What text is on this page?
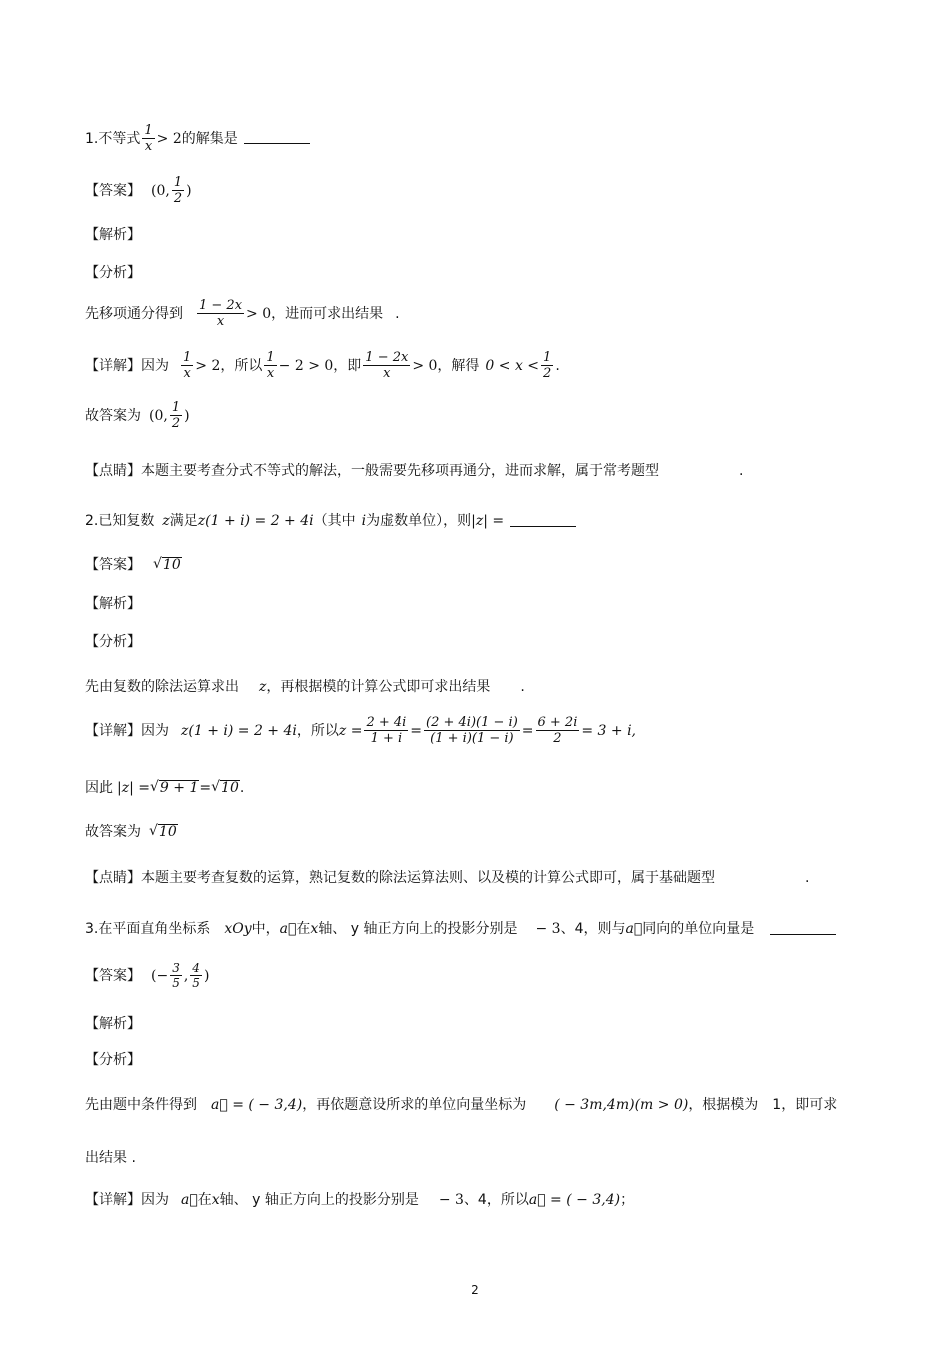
1.不等式 1
x > 2 的解集是
【答案】 (0, 1
2 )
【解析】
【分析】
先移项通分得到 1 − 2x
x > 0 ，进而可求出结果 .
【详解】因为 1
x > 2 ，所以 1
x − 2 > 0 ，即 1 − 2x
x > 0 ，解得 0 < x < 1
2 .
故答案为 (0, 1
2 )
【点睛】本题主要考查分式不等式的解法，一般需要先移项再通分，进而求解，属于常考题型	.
2.已知复数 z 满足 z(1 + i) = 2 + 4i （其中 i 为虚数单位），则 |z| =
【答案】 √ 10
【解析】
【分析】
先由复数的除法运算求出 z ，再根据模的计算公式即可求出结果 .
【详解】因为 z(1 + i) = 2 + 4i ，所以 $z = \frac{2 + 4i}{1 + i} = \frac{(2 + 4i)(1 - i)}{(1 + i)(1 - i)} = \frac{6 + 2i}{2} = 3 + i$,
因此 |z| = √ 9 + 1 = √ 10 .
故答案为 √ 10
【点睛】本题主要考查复数的运算，熟记复数的除法运算法则、以及模的计算公式即可，属于基础题型	.
3.在平面直角坐标系 xOy 中， a⃗ 在 x 轴、 y 轴正方向上的投影分别是 − 3 、4，则与 a⃗ 同向的单位向量是
【答案】 (− $\frac{3}{5}$ , 4
5 )
【解析】
【分析】
先由题中条件得到 a⃗ = ( − 3,4) ，再依题意设所求的单位向量坐标为 ( − 3m,4m)(m > 0) ，根据模为　1，即可求
出结果 .
【详解】因为 a⃗ 在 x 轴、 y 轴正方向上的投影分别是 − 3 、4，所以 a⃗ = ( − 3,4) ；
2
